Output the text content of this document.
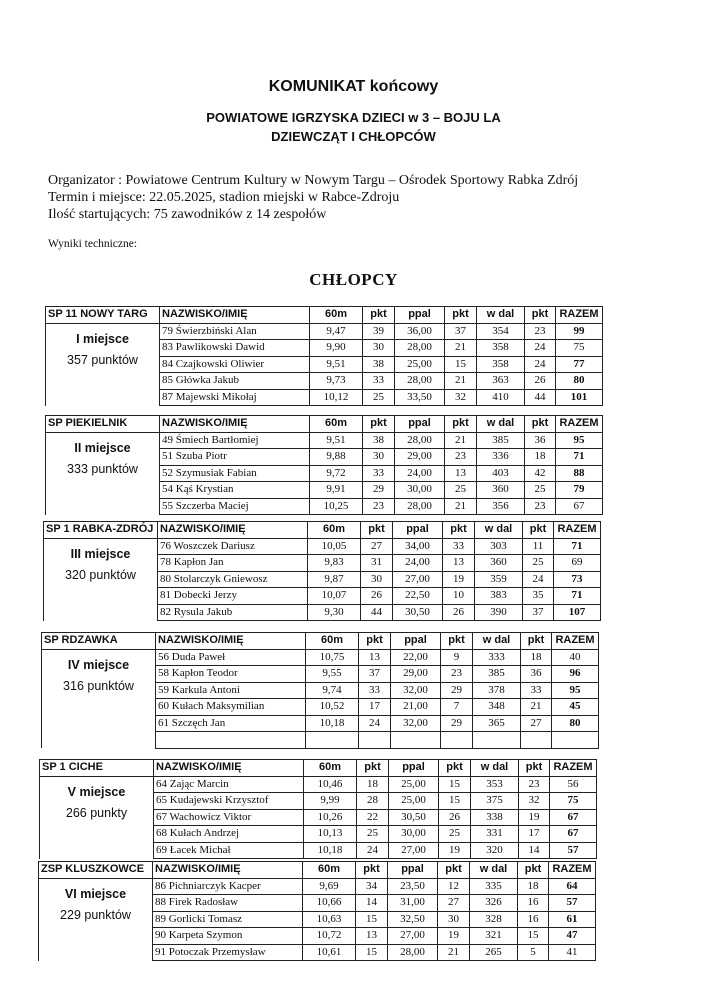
KOMUNIKAT końcowy
POWIATOWE IGRZYSKA DZIECI w 3 – BOJU LA
DZIEWCZĄT I CHŁOPCÓW
Organizator : Powiatowe Centrum Kultury w Nowym Targu – Ośrodek Sportowy Rabka Zdrój
Termin i miejsce: 22.05.2025, stadion miejski w Rabce-Zdroju
Ilość startujących: 75 zawodników z 14 zespołów
Wyniki techniczne:
CHŁOPCY
SP 11 NOWY TARG	NAZWISKO/IMIĘ	60m	pkt	ppal	pkt	w dal	pkt	RAZEM

I miejsce
357 punktów	79 Świerzbiński Alan	9,47	39	36,00	37	354	23	99
	83 Pawlikowski Dawid	9,90	30	28,00	21	358	24	75
	84 Czajkowski Oliwier	9,51	38	25,00	15	358	24	77
	85 Główka Jakub	9,73	33	28,00	21	363	26	80
	87 Majewski Mikołaj	10,12	25	33,50	32	410	44	101
SP PIEKIELNIK	NAZWISKO/IMIĘ	60m	pkt	ppal	pkt	w dal	pkt	RAZEM

II miejsce
333 punktów	49 Śmiech Bartłomiej	9,51	38	28,00	21	385	36	95
	51 Szuba Piotr	9,88	30	29,00	23	336	18	71
	52 Szymusiak Fabian	9,72	33	24,00	13	403	42	88
	54 Kąś Krystian	9,91	29	30,00	25	360	25	79
	55 Szczerba Maciej	10,25	23	28,00	21	356	23	67
SP 1 RABKA-ZDRÓJ	NAZWISKO/IMIĘ	60m	pkt	ppal	pkt	w dal	pkt	RAZEM

III miejsce
320 punktów	76 Woszczek Dariusz	10,05	27	34,00	33	303	11	71
	78 Kapłon Jan	9,83	31	24,00	13	360	25	69
	80 Stolarczyk Gniewosz	9,87	30	27,00	19	359	24	73
	81 Dobecki Jerzy	10,07	26	22,50	10	383	35	71
	82 Rysula Jakub	9,30	44	30,50	26	390	37	107
SP RDZAWKA	NAZWISKO/IMIĘ	60m	pkt	ppal	pkt	w dal	pkt	RAZEM

IV miejsce
316 punktów	56 Duda Paweł	10,75	13	22,00	9	333	18	40
	58 Kapłon Teodor	9,55	37	29,00	23	385	36	96
	59 Karkula Antoni	9,74	33	32,00	29	378	33	95
	60 Kułach Maksymilian	10,52	17	21,00	7	348	21	45
	61 Szczęch Jan	10,18	24	32,00	29	365	27	80

SP 1 CICHE	NAZWISKO/IMIĘ	60m	pkt	ppal	pkt	w dal	pkt	RAZEM

V miejsce
266 punkty	64 Zając Marcin	10,46	18	25,00	15	353	23	56
	65 Kudajewski Krzysztof	9,99	28	25,00	15	375	32	75
	67 Wachowicz Viktor	10,26	22	30,50	26	338	19	67
	68 Kułach Andrzej	10,13	25	30,00	25	331	17	67
	69 Łacek Michał	10,18	24	27,00	19	320	14	57
ZSP KLUSZKOWCE	NAZWISKO/IMIĘ	60m	pkt	ppal	pkt	w dal	pkt	RAZEM

VI miejsce
229 punktów	86 Pichniarczyk Kacper	9,69	34	23,50	12	335	18	64
	88 Firek Radosław	10,66	14	31,00	27	326	16	57
	89 Gorlicki Tomasz	10,63	15	32,50	30	328	16	61
	90 Karpeta Szymon	10,72	13	27,00	19	321	15	47
	91 Potoczak Przemysław	10,61	15	28,00	21	265	5	41
